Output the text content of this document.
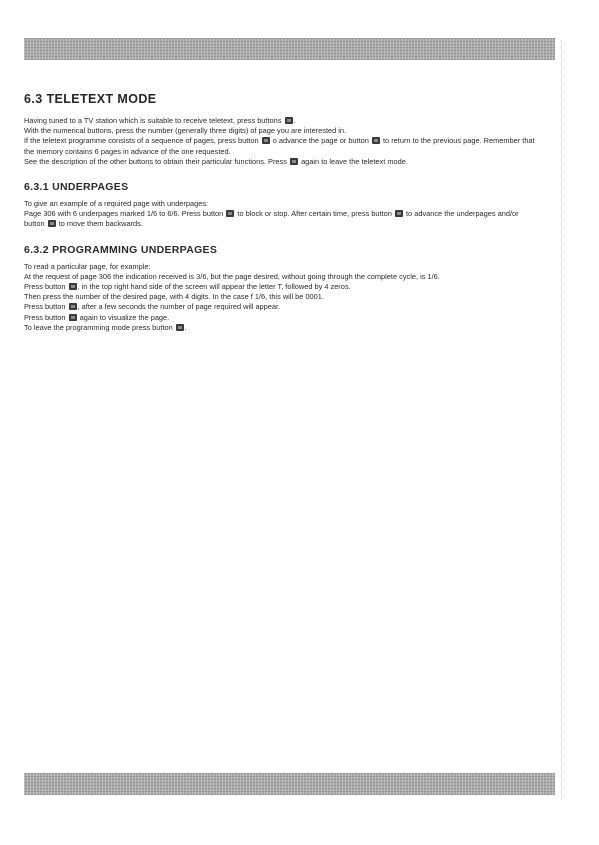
6.3 TELETEXT MODE

Having tuned to a TV station which is suitable to receive teletext, press buttons .

With the numerical buttons, press the number (generally three digits) of page you are interested in.

If the teletext programme consists of a sequence of pages, press button o advance the page or button to return to the previous page. Remember that the memory contains 6 pages in advance of the one requested.

See the description of the other buttons to obtain their particular functions. Press again to leave the teletext mode.

6.3.1 UNDERPAGES

To give an example of a required page with underpages:

Page 306 with 6 underpages marked 1/6 to 6/6. Press button to block or stop. After certain time, press button to advance the underpages and/or button to move them backwards.

6.3.2 PROGRAMMING UNDERPAGES

To read a particular page, for example:

At the request of page 306 the indication received is 3/6, but the page desired, without going through the complete cycle, is 1/6.

Press button , in the top right hand side of the screen will appear the letter T, followed by 4 zeros.

Then press the number of the desired page, with 4 digits. In the case f 1/6, this will be 0001.

Press button , after a few seconds the number of page required will appear.

Press button again to visualize the page.

To leave the programming mode press button .
